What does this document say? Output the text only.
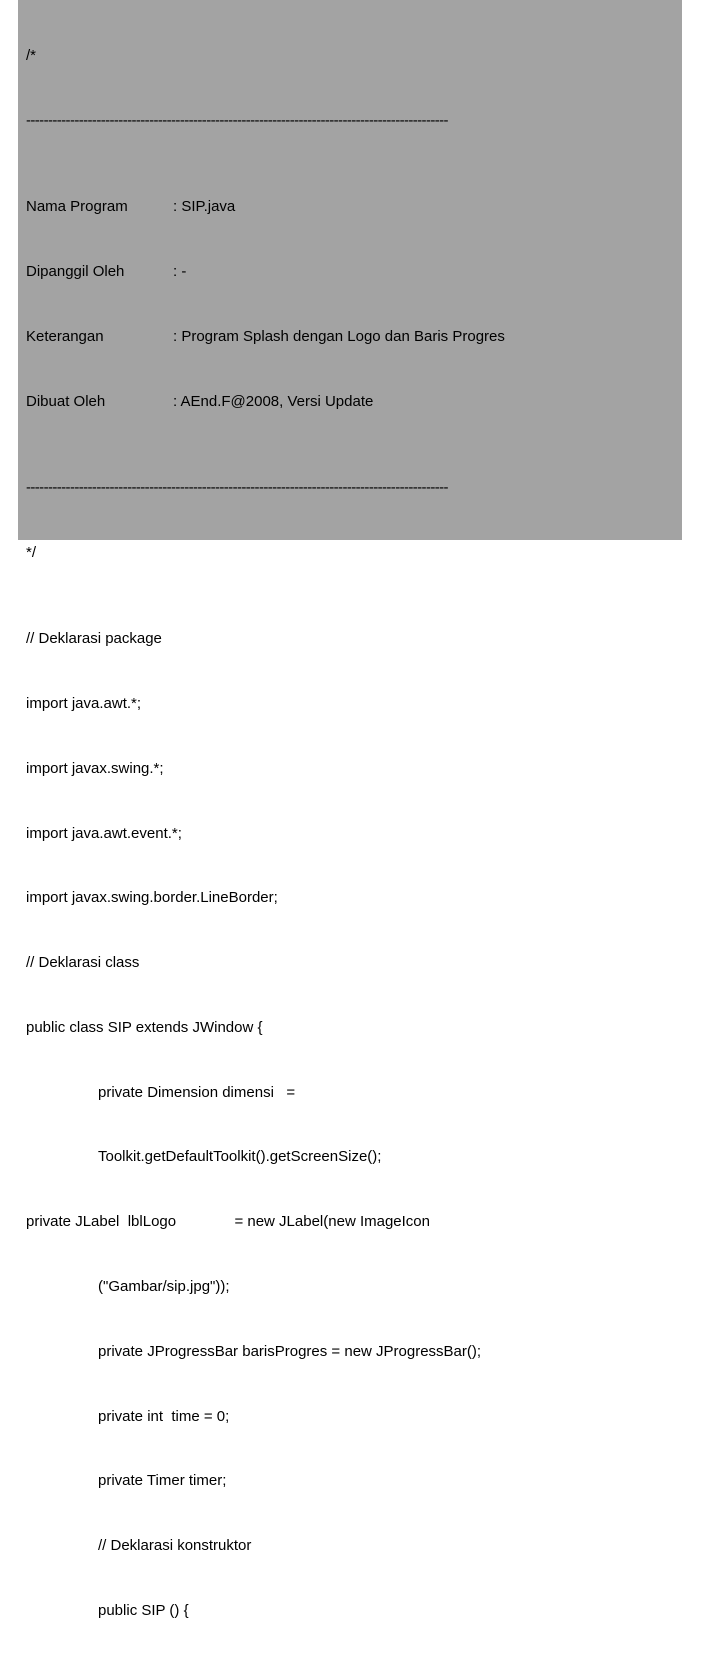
/*

------------------------------------------------------------------------------------------------

Nama Program	: SIP.java

Dipanggil Oleh	: -

Keterangan	: Program Splash dengan Logo dan Baris Progres

Dibuat Oleh	: AEnd.F@2008, Versi Update

------------------------------------------------------------------------------------------------

*/

// Deklarasi package

import java.awt.*;

import javax.swing.*;

import java.awt.event.*;

import javax.swing.border.LineBorder;

// Deklarasi class

public class SIP extends JWindow {

private Dimension dimensi   =

Toolkit.getDefaultToolkit().getScreenSize();

private JLabel  lblLogo              = new JLabel(new ImageIcon

("Gambar/sip.jpg"));

private JProgressBar barisProgres = new JProgressBar();

private int  time = 0;

private Timer timer;

// Deklarasi konstruktor

public SIP () {
